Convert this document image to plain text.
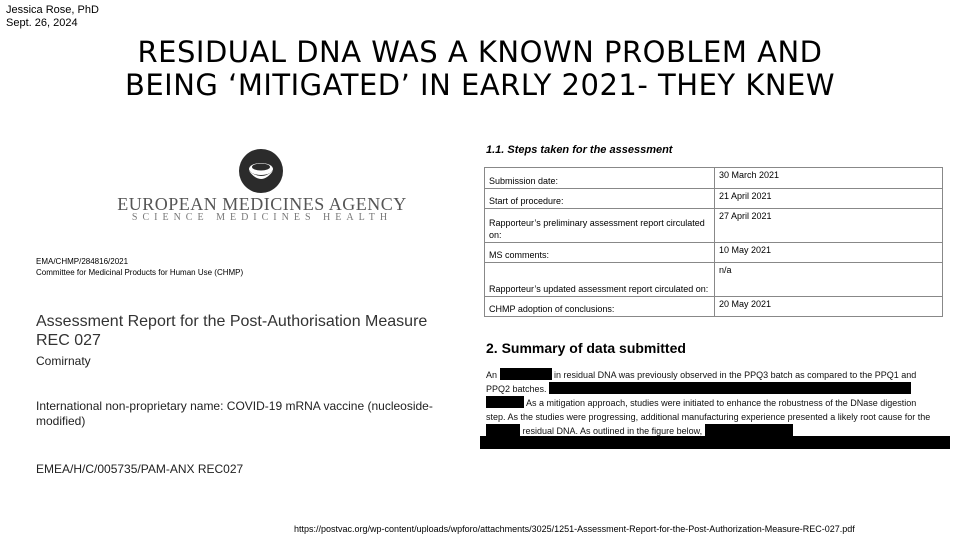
Jessica Rose, PhD
Sept. 26, 2024
RESIDUAL DNA WAS A KNOWN PROBLEM AND
BEING ‘MITIGATED’ IN EARLY 2021- THEY KNEW
EUROPEAN MEDICINES AGENCY
SCIENCE MEDICINES HEALTH
EMA/CHMP/284816/2021
Committee for Medicinal Products for Human Use (CHMP)
Assessment Report for the Post-Authorisation Measure
REC 027
Comirnaty
International non-proprietary name: COVID-19 mRNA vaccine (nucleoside-modified)
EMEA/H/C/005735/PAM-ANX REC027
1.1. Steps taken for the assessment
Submission date:	30 March 2021
Start of procedure:	21 April 2021
Rapporteur’s preliminary assessment report circulated on:	27 April 2021
MS comments:	10 May 2021
Rapporteur’s updated assessment report circulated on:	n/a
CHMP adoption of conclusions:	20 May 2021
2. Summary of data submitted
An	in residual DNA was previously observed in the PPQ3 batch as compared to the PPQ1 and PPQ2 batches.   As a mitigation approach, studies were initiated to enhance the robustness of the DNase digestion step. As the studies were progressing, additional manufacturing experience presented a likely root cause for the  residual DNA. As outlined in the figure below,
https://postvac.org/wp-content/uploads/wpforo/attachments/3025/1251-Assessment-Report-for-the-Post-Authorization-Measure-REC-027.pdf
